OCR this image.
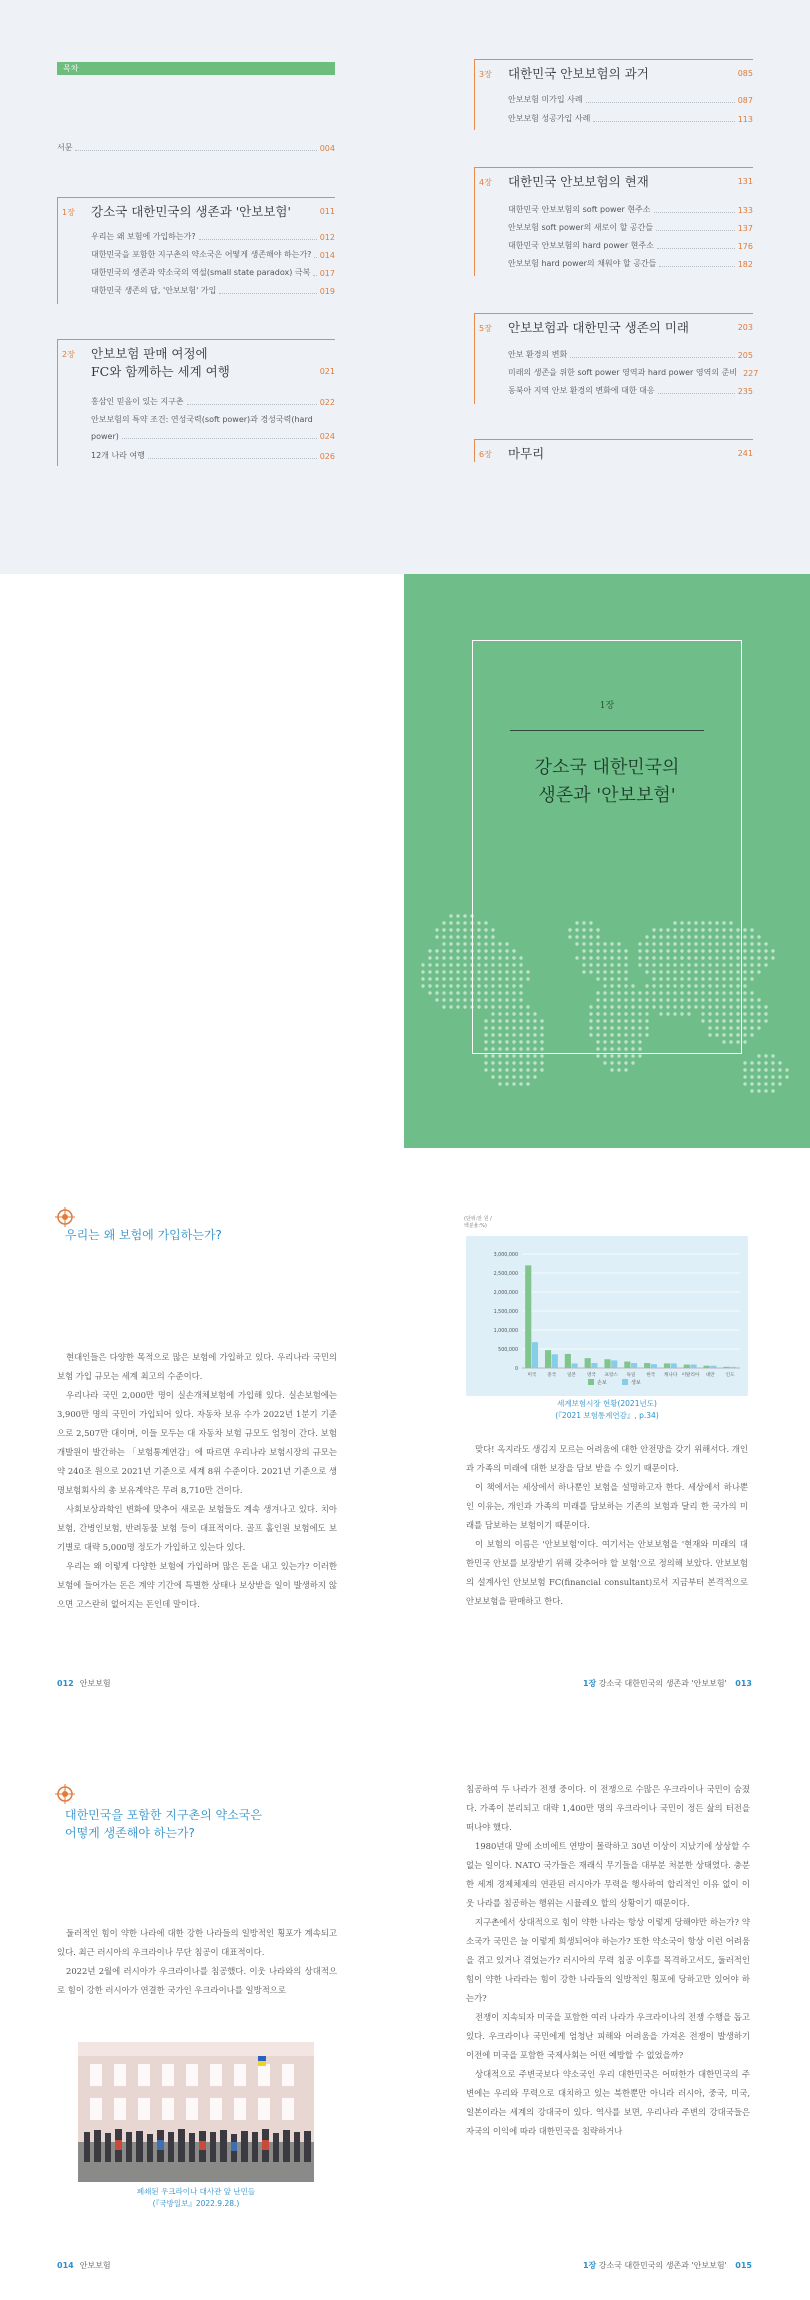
목차
서문	004
1장 강소국 대한민국의 생존과 '안보보험'	011
우리는 왜 보험에 가입하는가?	012
대한민국을 포함한 지구촌의 약소국은 어떻게 생존해야 하는가? 014
대한민국의 생존과 약소국의 역설(small state paradox) 극복 017
대한민국 생존의 답, '안보보험' 가입	019
2장 안보보험 판매 여정에
FC와 함께하는 세계 여행	021
홍삼인 믿음이 있는 지구촌	022
안보보험의 특약 조건: 연성국력(soft power)과 경성국력(hard
power)	024
12개 나라 여행	026
3장 대한민국 안보보험의 과거	085
안보보험 미가입 사례	087
안보보험 성공가입 사례	113
4장 대한민국 안보보험의 현재	131
대한민국 안보보험의 soft power 현주소	133
안보보험 soft power의 새로이 할 공간들	137
대한민국 안보보험의 hard power 현주소	176
안보보험 hard power의 채워야 할 공간들	182
5장 안보보험과 대한민국 생존의 미래	203
안보 환경의 변화	205
미래의 생존을 위한 soft power 영역과 hard power 영역의 준비 227
동북아 지역 안보 환경의 변화에 대한 대응	235
6장 마무리	241
1장
강소국 대한민국의
생존과 '안보보험'
우리는 왜 보험에 가입하는가?

현대인들은 다양한 목적으로 많은 보험에 가입하고 있다. 우리나라 국민의 보험 가입 규모는 세계 최고의 수준이다.

우리나라 국민 2,000만 명이 실손개체보험에 가입해 있다. 실손보험에는 3,900만 명의 국민이 가입되어 있다. 자동차 보유 수가 2022년 1분기 기준으로 2,507만 대이며, 이들 모두는 대 자동차 보험 규모도 엄청이 간다. 보험개발원이 발간하는 「보험통계연감」에 따르면 우리나라 보험시장의 규모는 약 240조 원으로 2021년 기준으로 세계 8위 수준이다. 2021년 기준으로 생명보험회사의 총 보유계약은 무려 8,710만 건이다.

사회보상과학인 변화에 맞추어 새로운 보험들도 계속 생겨나고 있다. 치아보험, 간병인보험, 반려동물 보험 등이 대표적이다. 골프 홀인원 보험에도 보기별로 대략 5,000명 정도가 가입하고 있는다 있다.

우리는 왜 이렇게 다양한 보험에 가입하며 많은 돈을 내고 있는가? 이러한 보험에 들어가는 돈은 계약 기간에 특별한 상태나 보상받을 일이 발생하지 않으면 고스란히 없어지는 돈인데 말이다.

012 안보보험
(단위:만 원 /
백분율:%)
0
500,000
1,000,000
1,500,000
2,000,000
2,500,000
3,000,000
미국 중국 일본 영국 프랑스 독일 한국 캐나다 이탈리아 대만 인도
손보	생보
세계보험시장 현황(2021년도)
(『2021 보험통계연감』, p.34)

맞다! 옥지라도 생김지 모르는 어려움에 대한 안전망을 갖기 위해서다. 개인과 가족의 미래에 대한 보장을 담보 받을 수 있기 때문이다.

이 책에서는 세상에서 하나뿐인 보험을 설명하고자 한다. 세상에서 하나뿐인 이유는, 개인과 가족의 미래를 담보하는 기존의 보험과 달리 한 국가의 미래를 담보하는 보험이기 때문이다.

이 보험의 이름은 '안보보험'이다. 여기서는 안보보험을 '현재와 미래의 대한민국 안보를 보장받기 위해 갖추어야 할 보험'으로 정의해 보았다. 안보보험의 설계사인 안보보험 FC(financial consultant)로서 지금부터 본격적으로 안보보험을 판매하고 한다.

1장 강소국 대한민국의 생존과 '안보보험' 013
대한민국을 포함한 지구촌의 약소국은
어떻게 생존해야 하는가?

둘러적인 힘이 약한 나라에 대한 강한 나라들의 일방적인 횡포가 계속되고 있다. 최근 러시아의 우크라이나 무단 침공이 대표적이다.

2022년 2월에 러시아가 우크라이나를 침공했다. 이웃 나라와의 상대적으로 힘이 강한 러시아가 연결한 국가인 우크라이나를 일방적으로

폐쇄된 우크라이나 대사관 앞 난민들
(『국방일보』2022.9.28.)
014 안보보험

침공하여 두 나라가 전쟁 중이다. 이 전쟁으로 수많은 우크라이나 국민이 숨졌다. 가족이 분리되고 대략 1,400만 명의 우크라이나 국민이 정든 삶의 터전을 떠나야 했다.

1980년대 말에 소비에트 연방이 몰락하고 30년 이상이 지났기에 상상할 수 없는 일이다. NATO 국가들은 재래식 무기들을 대부분 처분한 상태였다. 충분한 세계 경제체제의 연관된 러시아가 무력을 행사하여 합리적인 이유 없이 이웃 나라를 침공하는 행위는 시뮬레오 할의 상황이기 때문이다.

지구촌에서 상대적으로 힘이 약한 나라는 항상 이렇게 당해야만 하는가? 약소국가 국민은 늘 이렇게 희생되어야 하는가? 또한 약소국이 항상 이런 어려움을 겪고 있거나 겪었는가? 러시아의 무력 침공 이후를 목격하고서도, 둘러적인 힘이 약한 나라라는 힘이 강한 나라들의 일방적인 횡포에 당하고만 있어야 하는가?

전쟁이 지속되자 미국을 포함한 여러 나라가 우크라이나의 전쟁 수행을 돕고 있다. 우크라이나 국민에게 엄청난 피해와 어려움을 가져온 전쟁이 발생하기 이전에 미국을 포함한 국제사회는 어떤 예방할 수 없었을까?

상대적으로 주변국보다 약소국인 우리 대한민국은 어떠한가 대한민국의 주변에는 우리와 무력으로 대치하고 있는 북한뿐만 아니라 러시아, 중국, 미국, 일본이라는 세계의 강대국이 있다. 역사를 보면, 우리나라 주변의 강대국들은 자국의 이익에 따라 대한민국을 침략하거나

1장 강소국 대한민국의 생존과 '안보보험' 015
